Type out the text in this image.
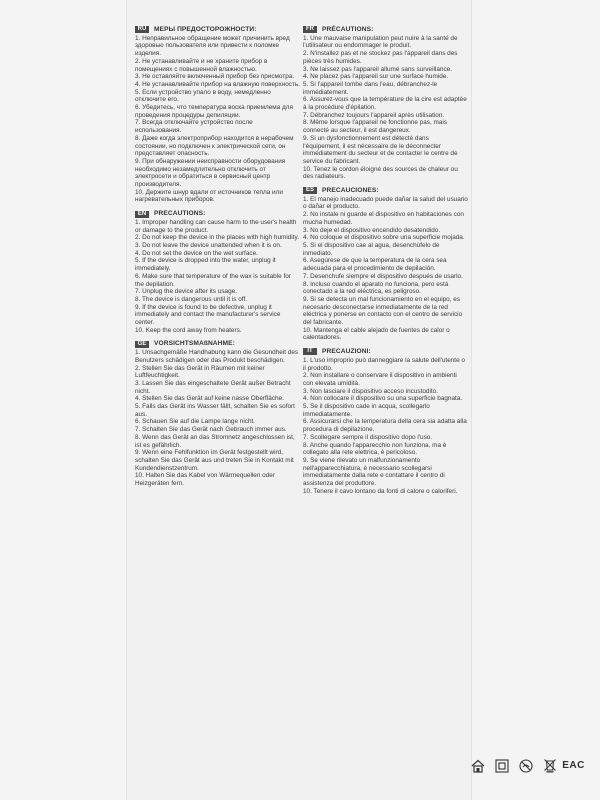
RU	МЕРЫ ПРЕДОСТОРОЖНОСТИ:

1. Неправильное обращение может причинить вред здоровью пользователя или привести к поломке изделия.

2. Не устанавливайте и не храните прибор в помещениях с повышенной влажностью.

3. Не оставляйте включенный прибор без присмотра.

4. Не устанавливайте прибор на влажную поверхность.

5. Если устройство упало в воду, немедленно отключите его.

6. Убедитесь, что температура воска приемлема для проведения процедуры депиляции.

7. Всегда отключайте устройство после использования.

8. Даже когда электроприбор находится в нерабочем состоянии, но подключен к электрической сети, он представляет опасность.

9. При обнаружении неисправности оборудования необходимо незамедлительно отключить от электросети и обратиться в сервисный центр производителя.

10. Держите шнур вдали от источников тепла или нагревательных приборов.

EN	PRECAUTIONS:

1. Improper handling can cause harm to the user's health or damage to the product.

2. Do not keep the device in the places with high humidity.

3. Do not leave the device unattended when it is on.

4. Do not set the device on the wet surface.

5. If the device is dropped into the water, unplug it immediately.

6. Make sure that temperature of the wax is suitable for the depilation.

7. Unplug the device after its usage.

8. The device is dangerous until it is off.

9. If the device is found to be defective, unplug it immediately and contact the manufacturer's service center.

10. Keep the cord away from heaters.

GE	VORSICHTSMAßNAHME:

1. Unsachgemäße Handhabung kann die Gesundheit des Benutzers schädigen oder das Produkt beschädigen.

2. Stellen Sie das Gerät in Räumen mit keiner Luftfeuchtigkeit.

3. Lassen Sie das eingeschaltete Gerät außer Betracht nicht.

4. Stellen Sie das Gerät auf keine nasse Oberfläche.

5. Falls das Gerät ins Wasser fällt, schalten Sie es sofort aus.

6. Schauen Sie auf die Lampe lange nicht.

7. Schalten Sie das Gerät nach Gebrauch immer aus.

8. Wenn das Gerät an das Stromnetz angeschlossen ist, ist es gefährlich.

9. Wenn eine Fehlfunktion im Gerät festgestellt wird, schalten Sie das Gerät aus und treten Sie in Kontakt mit Kundendienstzentrum.

10. Halten Sie das Kabel von Wärmequellen oder Heizgeräten fern.

FR	PRÉCAUTIONS:

1. Une mauvaise manipulation peut nuire à la santé de l'utilisateur ou endommager le produit.

2. N'installez pas et ne stockez pas l'appareil dans des pièces très humides.

3. Ne laissez pas l'appareil allumé sans surveillance.

4. Ne placez pas l'appareil sur une surface humide.

5. Si l'appareil tombe dans l'eau, débranchez-le immédiatement.

6. Assurez-vous que la température de la cire est adaptée à la procédure d'épilation.

7. Débranchez toujours l'appareil après utilisation.

8. Même lorsque l'appareil ne fonctionne pas, mais connecté au secteur, il est dangereux.

9. Si un dysfonctionnement est détecté dans l'équipement, il est nécessaire de le déconnecter immédiatement du secteur et de contacter le centre de service du fabricant.

10. Tenez le cordon éloigné des sources de chaleur ou des radiateurs.

ES	PRECAUCIONES:

1. El manejo inadecuado puede dañar la salud del usuario o dañar el producto.

2. No instale ni guarde el dispositivo en habitaciones con mucha humedad.

3. No deje el dispositivo encendido desatendido.

4. No coloque el dispositivo sobre una superficie mojada.

5. Si el dispositivo cae al agua, desenchúfelo de inmediato.

6. Asegúrese de que la temperatura de la cera sea adecuada para el procedimiento de depilación.

7. Desenchufe siempre el dispositivo después de usarlo.

8. Incluso cuando el aparato no funciona, pero está conectado a la red eléctrica, es peligroso.

9. Si se detecta un mal funcionamiento en el equipo, es necesario desconectarse inmediatamente de la red eléctrica y ponerse en contacto con el centro de servicio del fabricante.

10. Mantenga el cable alejado de fuentes de calor o calentadores.

IT	PRECAUZIONI:

1. L'uso improprio può danneggiare la salute dell'utente o il prodotto.

2. Non installare o conservare il dispositivo in ambienti con elevata umidità.

3. Non lasciare il dispositivo acceso incustodito.

4. Non collocare il dispositivo su una superficie bagnata.

5. Se il dispositivo cade in acqua, scollegarlo immediatamente.

6. Assicurarsi che la temperatura della cera sia adatta alla procedura di depilazione.

7. Scollegare sempre il dispositivo dopo l'uso.

8. Anche quando l'apparecchio non funziona, ma è collegato alla rete elettrica, è pericoloso.

9. Se viene rilevato un malfunzionamento nell'apparecchiatura, è necessario scollegarsi immediatamente dalla rete e contattare il centro di assistenza del produttore.

10. Tenere il cavo lontano da fonti di calore o caloriferi.

EAC
